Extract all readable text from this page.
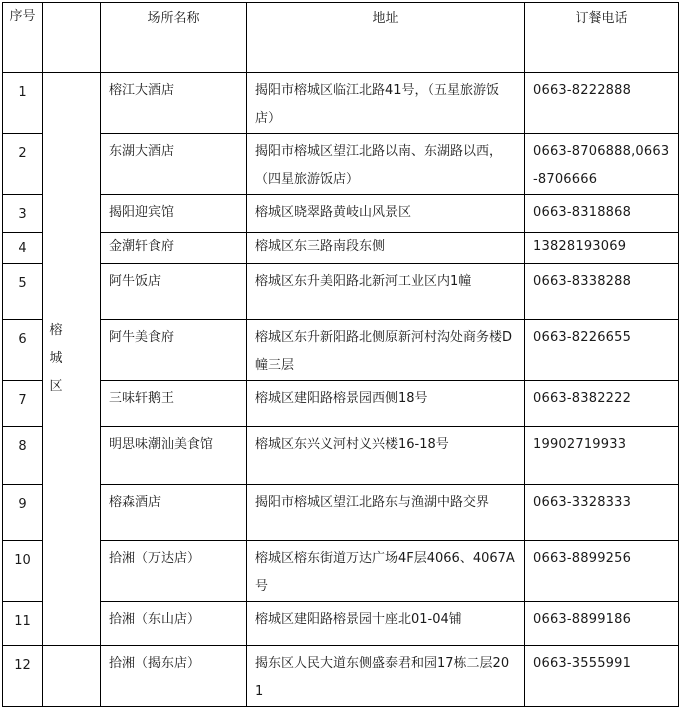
序号		场所名称	地址	订餐电话
1	榕城区	榕江大酒店	揭阳市榕城区临江北路41号，（五星旅游饭店）	0663-8222888
2		东湖大酒店	揭阳市榕城区望江北路以南、东湖路以西，（四星旅游饭店）	0663-8706888,0663-8706666
3		揭阳迎宾馆	榕城区晓翠路黄岐山风景区	0663-8318868
4		金潮轩食府	榕城区东三路南段东侧	13828193069
5		阿牛饭店	榕城区东升美阳路北新河工业区内1幢	0663-8338288
6		阿牛美食府	榕城区东升新阳路北侧原新河村沟处商务楼D幢三层	0663-8226655
7		三味轩鹅王	榕城区建阳路榕景园西侧18号	0663-8382222
8		明思味潮汕美食馆	榕城区东兴义河村义兴楼16-18号	19902719933
9		榕森酒店	揭阳市榕城区望江北路东与渔湖中路交界	0663-3328333
10		拾湘（万达店）	榕城区榕东街道万达广场4F层4066、4067A号	0663-8899256
11		拾湘（东山店）	榕城区建阳路榕景园十座北01-04铺	0663-8899186
12		拾湘（揭东店）	揭东区人民大道东侧盛泰君和园17栋二层201	0663-3555991
